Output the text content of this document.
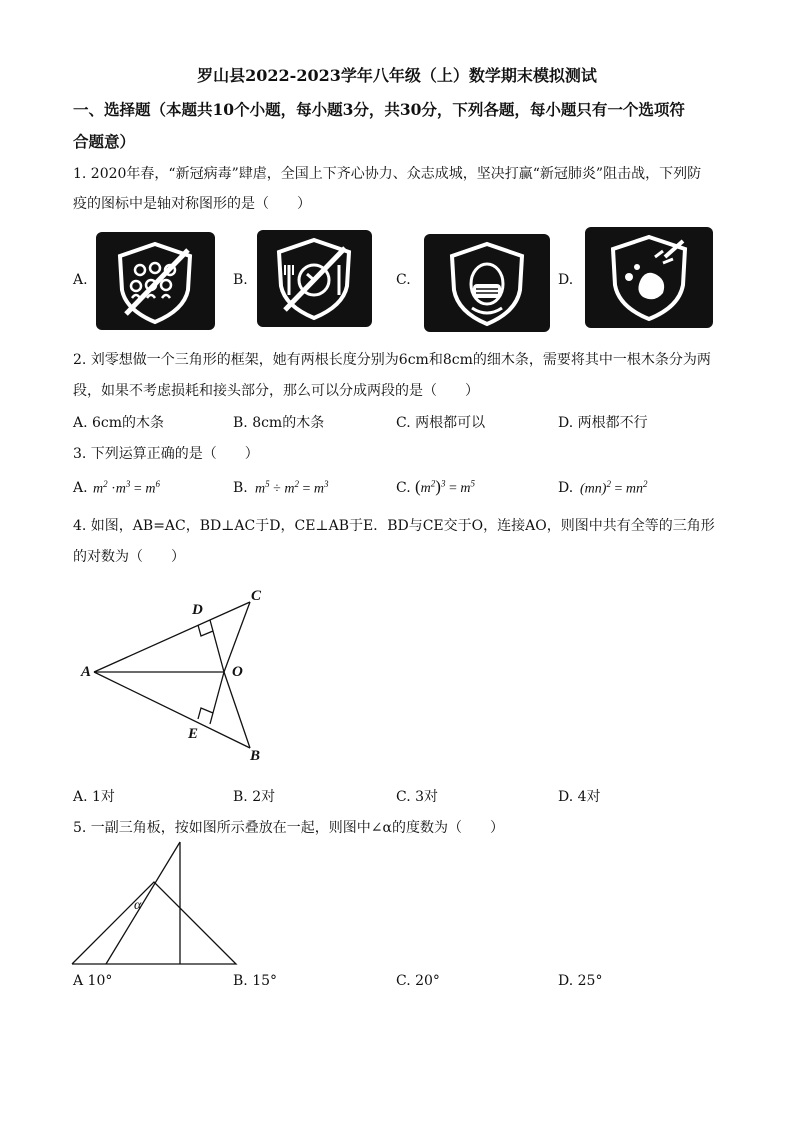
罗山县2022-2023学年八年级（上）数学期末模拟测试
一、选择题（本题共10个小题，每小题3分，共30分，下列各题，每小题只有一个选项符
合题意）
1. 2020年春，“新冠病毒”肆虐，全国上下齐心协力、众志成城，坚决打赢“新冠肺炎”阻击战，下列防
疫的图标中是轴对称图形的是（　　）
A.	B.	C.	D.
2. 刘零想做一个三角形的框架，她有两根长度分别为6cm和8cm的细木条，需要将其中一根木条分为两
段，如果不考虑损耗和接头部分，那么可以分成两段的是（　　）
A. 6cm的木条	B. 8cm的木条	C. 两根都可以	D. 两根都不行
3. 下列运算正确的是（　　）
A. $m^2 \cdot m^3 = m^6$	B. $m^5 \div m^2 = m^3$	C. $(m^2)^3 = m^5$	D. $(mn)^2 = mn^2$
4. 如图，AB=AC，BD⊥AC于D，CE⊥AB于E．BD与CE交于O，连接AO，则图中共有全等的三角形
的对数为（　　）
A
B
C
D
E
O
A. 1对	B. 2对	C. 3对	D. 4对
5. 一副三角板，按如图所示叠放在一起，则图中∠α的度数为（　　）
α
A 10°	B. 15°	C. 20°	D. 25°
